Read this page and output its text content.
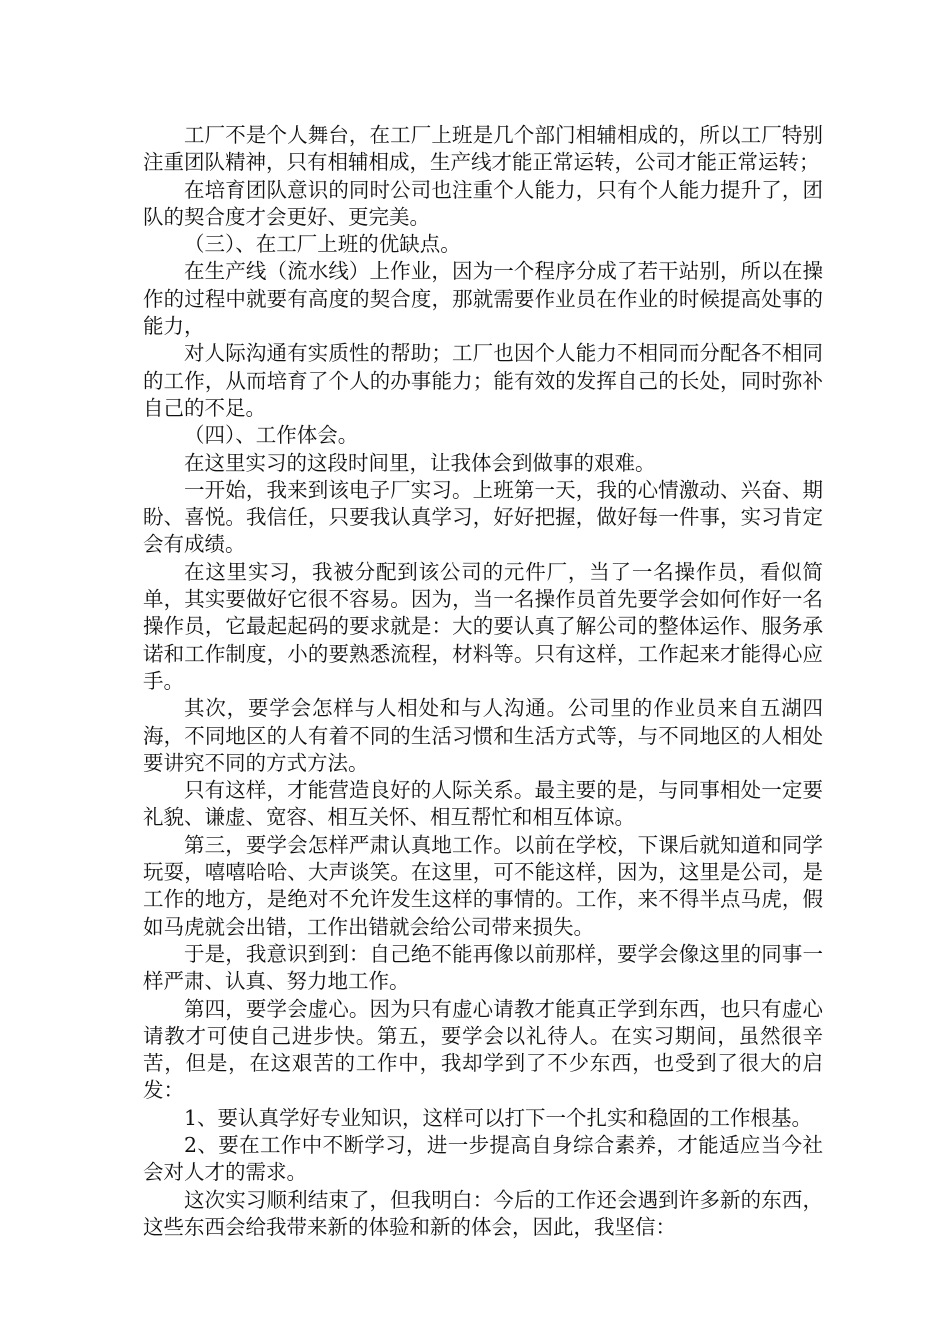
工厂不是个人舞台，在工厂上班是几个部门相辅相成的，所以工厂特别注重团队精神，只有相辅相成，生产线才能正常运转，公司才能正常运转；

在培育团队意识的同时公司也注重个人能力，只有个人能力提升了，团队的契合度才会更好、更完美。

（三）、在工厂上班的优缺点。

在生产线（流水线）上作业，因为一个程序分成了若干站别，所以在操作的过程中就要有高度的契合度，那就需要作业员在作业的时候提高处事的能力，

对人际沟通有实质性的帮助；工厂也因个人能力不相同而分配各不相同的工作，从而培育了个人的办事能力；能有效的发挥自己的长处，同时弥补自己的不足。

（四）、工作体会。

在这里实习的这段时间里，让我体会到做事的艰难。

一开始，我来到该电子厂实习。上班第一天，我的心情激动、兴奋、期盼、喜悦。我信任，只要我认真学习，好好把握，做好每一件事，实习肯定会有成绩。

在这里实习，我被分配到该公司的元件厂，当了一名操作员，看似简单，其实要做好它很不容易。因为，当一名操作员首先要学会如何作好一名操作员，它最起起码的要求就是：大的要认真了解公司的整体运作、服务承诺和工作制度，小的要熟悉流程，材料等。只有这样，工作起来才能得心应手。

其次，要学会怎样与人相处和与人沟通。公司里的作业员来自五湖四海，不同地区的人有着不同的生活习惯和生活方式等，与不同地区的人相处要讲究不同的方式方法。

只有这样，才能营造良好的人际关系。最主要的是，与同事相处一定要礼貌、谦虚、宽容、相互关怀、相互帮忙和相互体谅。

第三，要学会怎样严肃认真地工作。以前在学校，下课后就知道和同学玩耍，嘻嘻哈哈、大声谈笑。在这里，可不能这样，因为，这里是公司，是工作的地方，是绝对不允许发生这样的事情的。工作，来不得半点马虎，假如马虎就会出错，工作出错就会给公司带来损失。

于是，我意识到到：自己绝不能再像以前那样，要学会像这里的同事一样严肃、认真、努力地工作。

第四，要学会虚心。因为只有虚心请教才能真正学到东西，也只有虚心请教才可使自己进步快。第五，要学会以礼待人。在实习期间，虽然很辛苦，但是，在这艰苦的工作中，我却学到了不少东西，也受到了很大的启发：

1、要认真学好专业知识，这样可以打下一个扎实和稳固的工作根基。

2、要在工作中不断学习，进一步提高自身综合素养，才能适应当今社会对人才的需求。

这次实习顺利结束了，但我明白：今后的工作还会遇到许多新的东西，这些东西会给我带来新的体验和新的体会，因此，我坚信：
